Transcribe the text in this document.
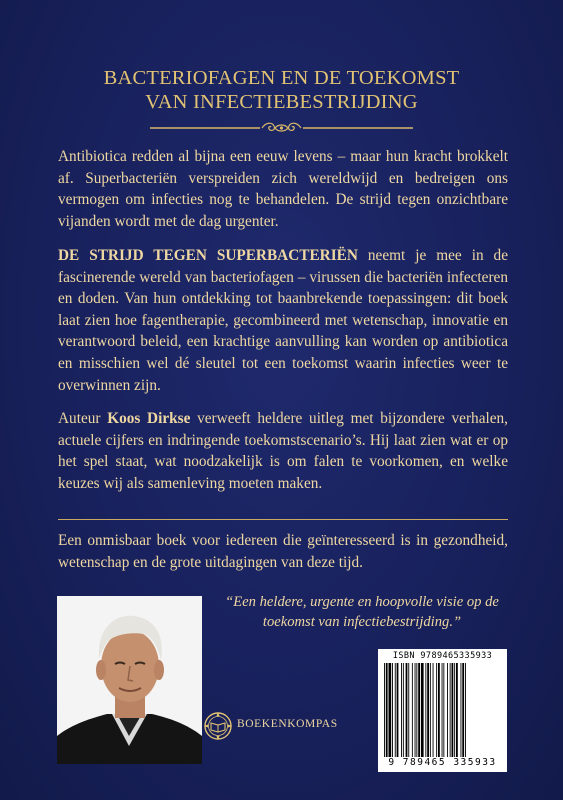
BACTERIOFAGEN EN DE TOEKOMST
VAN INFECTIEBESTRIJDING
Antibiotica redden al bijna een eeuw levens – maar hun kracht brokkelt af. Superbacteriën verspreiden zich wereldwijd en bedreigen ons vermogen om infecties nog te behandelen. De strijd tegen onzichtbare vijanden wordt met de dag urgenter.
DE STRIJD TEGEN SUPERBACTERIËN neemt je mee in de fascinerende wereld van bacteriofagen – virussen die bacteriën infecteren en doden. Van hun ontdekking tot baanbrekende toepassingen: dit boek laat zien hoe fagentherapie, gecombineerd met wetenschap, innovatie en verantwoord beleid, een krachtige aanvulling kan worden op antibiotica en misschien wel dé sleutel tot een toekomst waarin infecties weer te overwinnen zijn.
Auteur Koos Dirkse verweeft heldere uitleg met bijzondere verhalen, actuele cijfers en indringende toekomstscenario’s. Hij laat zien wat er op het spel staat, wat noodzakelijk is om falen te voorkomen, en welke keuzes wij als samenleving moeten maken.
Een onmisbaar boek voor iedereen die geïnteresseerd is in gezondheid, wetenschap en de grote uitdagingen van deze tijd.
“Een heldere, urgente en hoopvolle visie op de
toekomst van infectiebestrijding.”
ISBN 9789465335933
9 789465 335933
BOEKENKOMPAS
